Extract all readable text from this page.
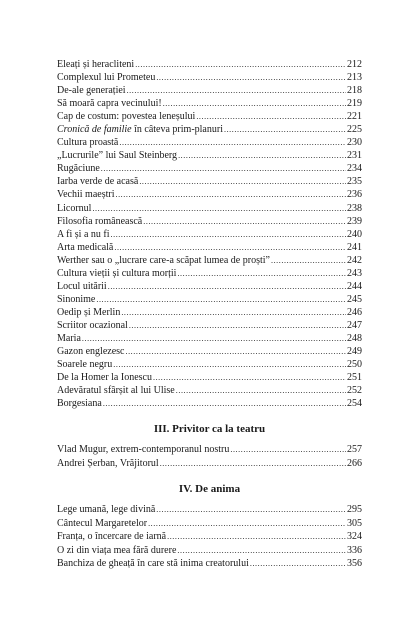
Eleați și heracliteni .....	212
Complexul lui Prometeu .....	213
De-ale generației .....	218
Să moară capra vecinului! .....	219
Cap de costum: povestea leneșului .....	221
Cronică de familie în câteva prim-planuri .....	225
Cultura proastă .....	230
„Lucrurile” lui Saul Steinberg .....	231
Rugăciune .....	234
Iarba verde de acasă .....	235
Vechii maeștri .....	236
Licornul .....	238
Filosofia românească .....	239
A fi și a nu fi .....	240
Arta medicală .....	241
Werther sau o „lucrare care-a scăpat lumea de proști” .....	242
Cultura vieții și cultura morții .....	243
Locul uitării .....	244
Sinonime .....	245
Oedip și Merlin .....	246
Scriitor ocazional .....	247
Maria .....	248
Gazon englezesc .....	249
Soarele negru .....	250
De la Homer la Ionescu .....	251
Adevăratul sfârșit al lui Ulise .....	252
Borgesiana .....	254
III. Privitor ca la teatru
Vlad Mugur, extrem-contemporanul nostru .....	257
Andrei Șerban, Vrăjitorul .....	266
IV. De anima
Lege umană, lege divină .....	295
Cântecul Margaretelor .....	305
Franța, o încercare de iarnă .....	324
O zi din viața mea fără durere .....	336
Banchiza de gheață în care stă inima creatorului .....	356
